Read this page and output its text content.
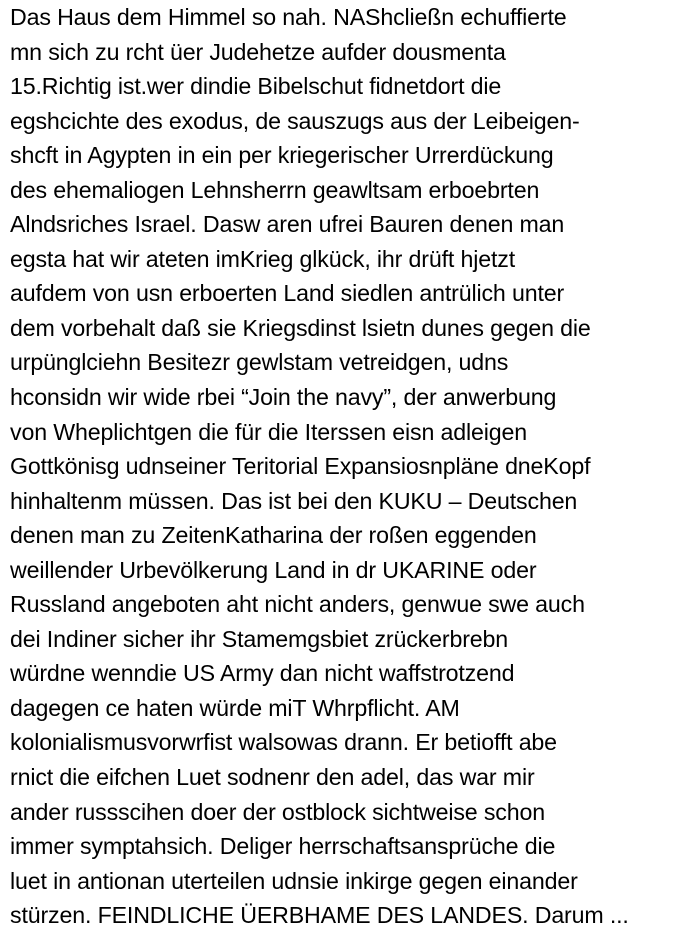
Das Haus dem Himmel so nah. NAShcließn echuffierte
mn sich zu rcht üer Judehetze aufder dousmenta
15.Richtig ist.wer dindie Bibelschut fidnetdort die
egshcichte des exodus, de sauszugs aus der Leibeigen-
shcft in Agypten in ein per kriegerischer Urrerdückung
des ehemaliogen Lehnsherrn geawltsam erboebrten
Alndsriches Israel. Dasw aren ufrei Bauren denen man
egsta hat wir ateten imKrieg glkück, ihr drüft hjetzt
aufdem von usn erboerten Land siedlen antrülich unter
dem vorbehalt daß sie Kriegsdinst lsietn dunes gegen die
urpünglciehn Besitezr gewlstam vetreidgen, udns
hconsidn wir wide rbei “Join the navy”, der anwerbung
von Wheplichtgen die für die Iterssen eisn adleigen
Gottkönisg udnseiner Teritorial Expansiosnpläne dneKopf
hinhaltenm müssen. Das ist bei den KUKU – Deutschen
denen man zu ZeitenKatharina der roßen eggenden
weillender Urbevölkerung Land in dr UKARINE oder
Russland angeboten aht nicht anders, genwue swe auch
dei Indiner sicher ihr Stamemgsbiet zrückerbrebn
würdne wenndie US Army dan nicht waffstrotzend
dagegen ce haten würde miT Whrpflicht. AM
kolonialismusvorwrfist walsowas drann. Er betiofft abe
rnict die eifchen Luet sodnenr den adel, das war mir
ander russscihen doer der ostblock sichtweise schon
immer symptahsich. Deliger herrschaftsansprüche die
luet in antionan uterteilen udnsie inkirge gegen einander
stürzen. FEINDLICHE ÜERBHAME DES LANDES. Darum ...
